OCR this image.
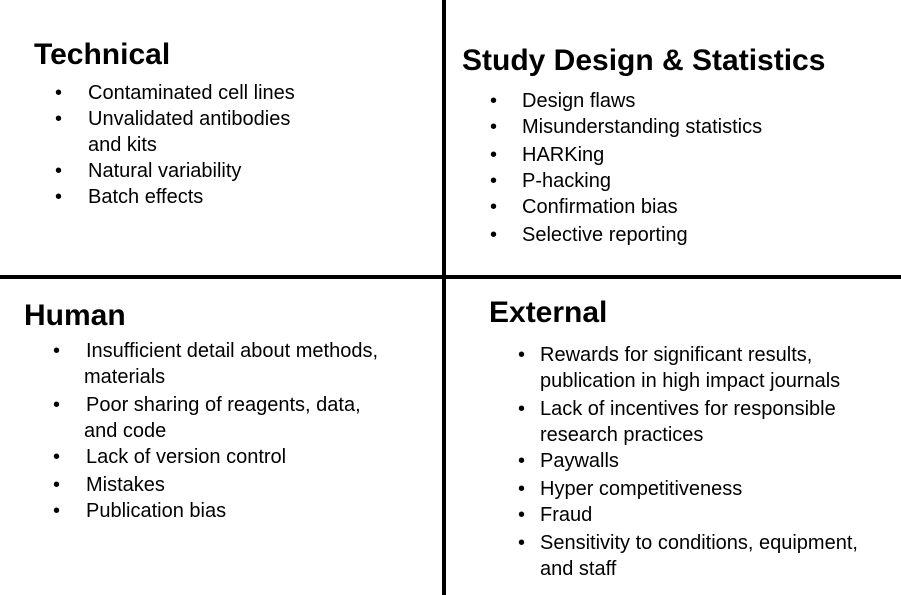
Technical
• Contaminated cell lines
• Unvalidated antibodies
and kits
• Natural variability
• Batch effects
Study Design & Statistics
• Design flaws
• Misunderstanding statistics
• HARKing
• P-hacking
• Confirmation bias
• Selective reporting
Human
• Insufficient detail about methods,
materials
• Poor sharing of reagents, data,
and code
• Lack of version control
• Mistakes
• Publication bias
External
• Rewards for significant results,
publication in high impact journals
• Lack of incentives for responsible
research practices
• Paywalls
• Hyper competitiveness
• Fraud
• Sensitivity to conditions, equipment,
and staff
